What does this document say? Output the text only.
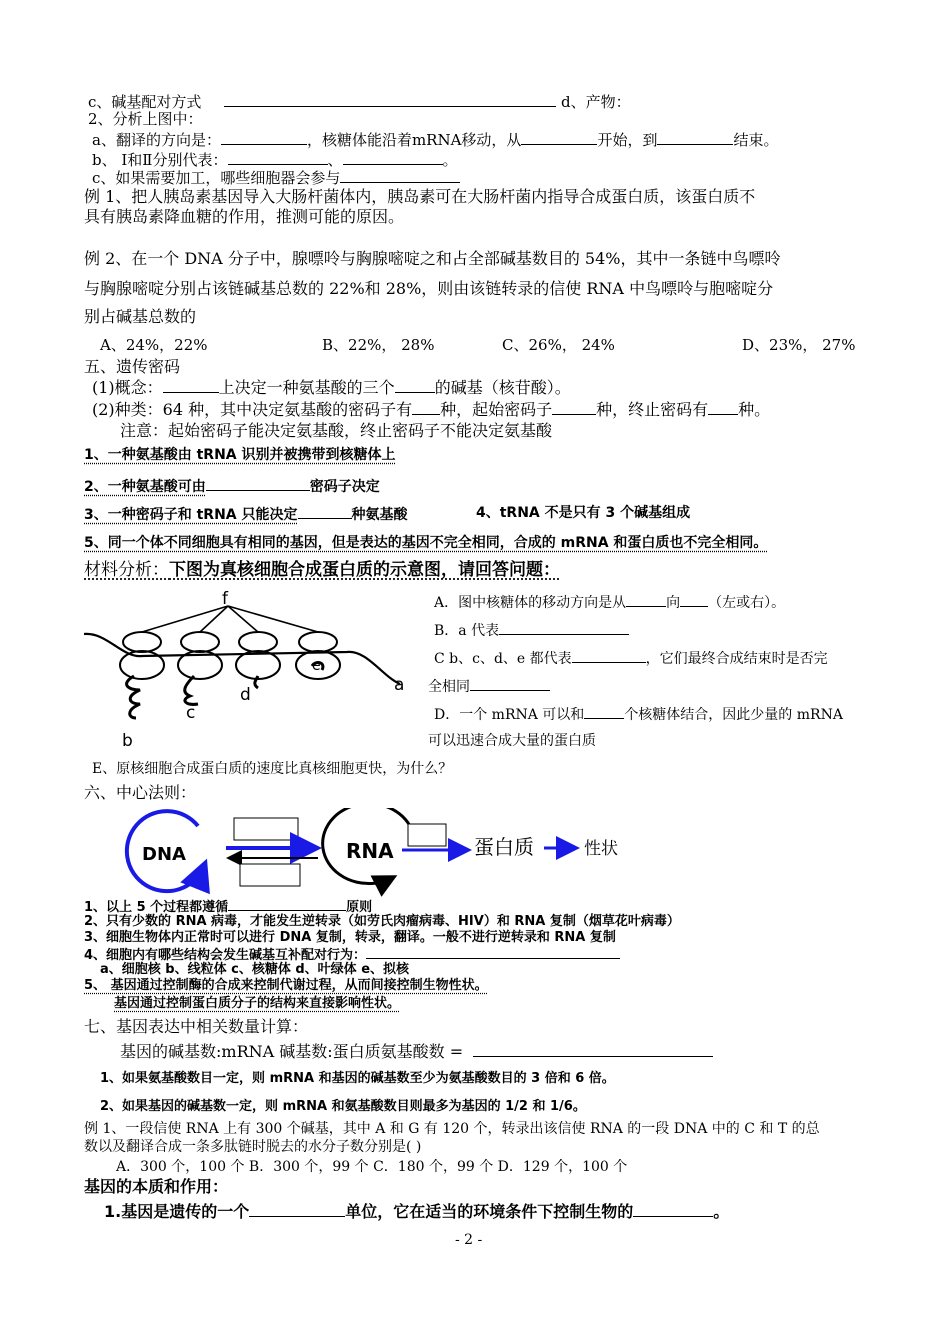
c、碱基配对方式	d、产物：
2、分析上图中：
a、翻译的方向是：	，核糖体能沿着mRNA移动，从	开始，到	结束。
b、 Ⅰ和Ⅱ分别代表：	、	。
c、如果需要加工，哪些细胞器会参与
例 1、把人胰岛素基因导入大肠杆菌体内，胰岛素可在大肠杆菌内指导合成蛋白质，该蛋白质不
具有胰岛素降血糖的作用，推测可能的原因。
例 2、在一个 DNA 分子中，腺嘌呤与胸腺嘧啶之和占全部碱基数目的 54%，其中一条链中鸟嘌呤
与胸腺嘧啶分别占该链碱基总数的 22%和 28%，则由该链转录的信使 RNA 中鸟嘌呤与胞嘧啶分
别占碱基总数的
A、24%，22%	B、22%， 28%	C、26%， 24%	D、23%， 27%
五、遗传密码
(1)概念：	上决定一种氨基酸的三个	的碱基（核苷酸）。
(2)种类：64 种，其中决定氨基酸的密码子有 种，起始密码子	种，终止密码有 种。
注意：起始密码子能决定氨基酸，终止密码子不能决定氨基酸
1、一种氨基酸由 tRNA 识别并被携带到核糖体上
2、一种氨基酸可由	密码子决定
3、一种密码子和 tRNA 只能决定	种氨基酸	4、tRNA 不是只有 3 个碱基组成
5、同一个体不同细胞具有相同的基因，但是表达的基因不完全相同，合成的 mRNA 和蛋白质也不完全相同。
材料分析：下图为真核细胞合成蛋白质的示意图，请回答问题：
f
a
b
c
d
e
A．图中核糖体的移动方向是从	向 （左或右）。
B．a 代表
C b、c、d、e 都代表	，它们最终合成结束时是否完
全相同
D．一个 mRNA 可以和	个核糖体结合，因此少量的 mRNA
可以迅速合成大量的蛋白质
E、原核细胞合成蛋白质的速度比真核细胞更快，为什么？
六、中心法则：
DNA	RNA	蛋白质	性状
1、以上 5 个过程都遵循	原则
2、只有少数的 RNA 病毒，才能发生逆转录（如劳氏肉瘤病毒、HIV）和 RNA 复制（烟草花叶病毒）
3、细胞生物体内正常时可以进行 DNA 复制，转录，翻译。一般不进行逆转录和 RNA 复制
4、细胞内有哪些结构会发生碱基互补配对行为：
a、细胞核 b、线粒体 c、核糖体 d、叶绿体 e、拟核
5、 基因通过控制酶的合成来控制代谢过程，从而间接控制生物性状。
基因通过控制蛋白质分子的结构来直接影响性状。
七、基因表达中相关数量计算：
基因的碱基数:mRNA 碱基数:蛋白质氨基酸数 =
1、如果氨基酸数目一定，则 mRNA 和基因的碱基数至少为氨基酸数目的 3 倍和 6 倍。
2、如果基因的碱基数一定，则 mRNA 和氨基酸数目则最多为基因的 1/2 和 1/6。
例 1、一段信使 RNA 上有 300 个碱基，其中 A 和 G 有 120 个，转录出该信使 RNA 的一段 DNA 中的 C 和 T 的总
数以及翻译合成一条多肽链时脱去的水分子数分别是( )
A．300 个，100 个 B．300 个，99 个 C．180 个，99 个 D．129 个，100 个
基因的本质和作用：
1.基因是遗传的一个	单位，它在适当的环境条件下控制生物的	。
- 2 -
